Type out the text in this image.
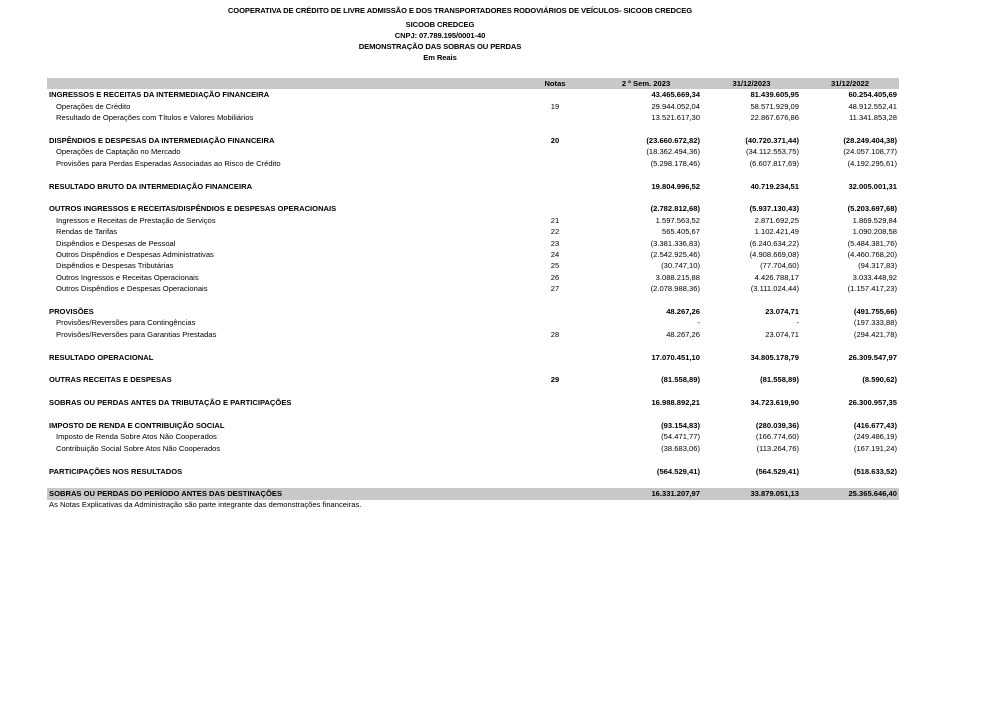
COOPERATIVA DE CRÉDITO DE LIVRE ADMISSÃO E DOS TRANSPORTADORES RODOVIÁRIOS DE VEÍCULOS- SICOOB CREDCEG
SICOOB CREDCEG
CNPJ: 07.789.195/0001-40
DEMONSTRAÇÃO DAS SOBRAS OU PERDAS
Em Reais
	Notas	2 º Sem. 2023	31/12/2023	31/12/2022
INGRESSOS E RECEITAS DA INTERMEDIAÇÃO FINANCEIRA		43.465.669,34	81.439.605,95	60.254.405,69
Operações de Crédito	19	29.944.052,04	58.571.929,09	48.912.552,41
Resultado de Operações com Títulos e Valores Mobiliários		13.521.617,30	22.867.676,86	11.341.853,28

DISPÊNDIOS E DESPESAS DA INTERMEDIAÇÃO FINANCEIRA	20	(23.660.672,82)	(40.720.371,44)	(28.249.404,38)
Operações de Captação no Mercado		(18.362.494,36)	(34.112.553,75)	(24.057.108,77)
Provisões para Perdas Esperadas Associadas ao Risco de Crédito		(5.298.178,46)	(6.607.817,69)	(4.192.295,61)

RESULTADO BRUTO DA INTERMEDIAÇÃO FINANCEIRA		19.804.996,52	40.719.234,51	32.005.001,31

OUTROS INGRESSOS E RECEITAS/DISPÊNDIOS E DESPESAS OPERACIONAIS		(2.782.812,68)	(5.937.130,43)	(5.203.697,68)
Ingressos e Receitas de Prestação de Serviços	21	1.597.563,52	2.871.692,25	1.869.529,84
Rendas de Tarifas	22	565.405,67	1.102.421,49	1.090.208,58
Dispêndios e Despesas de Pessoal	23	(3.381.336,83)	(6.240.634,22)	(5.484.381,76)
Outros Dispêndios e Despesas Administrativas	24	(2.542.925,46)	(4.908.669,08)	(4.460.768,20)
Dispêndios e Despesas Tributárias	25	(30.747,10)	(77.704,60)	(94.317,83)
Outros Ingressos e Receitas Operacionais	26	3.088.215,88	4.426.788,17	3.033.448,92
Outros Dispêndios e Despesas Operacionais	27	(2.078.988,36)	(3.111.024,44)	(1.157.417,23)

PROVISÕES		48.267,26	23.074,71	(491.755,66)
Provisões/Reversões para Contingências		-	-	(197.333,88)
Provisões/Reversões para Garantias Prestadas	28	48.267,26	23.074,71	(294.421,78)

RESULTADO OPERACIONAL		17.070.451,10	34.805.178,79	26.309.547,97

OUTRAS RECEITAS E DESPESAS	29	(81.558,89)	(81.558,89)	(8.590,62)

SOBRAS OU PERDAS ANTES DA TRIBUTAÇÃO E PARTICIPAÇÕES		16.988.892,21	34.723.619,90	26.300.957,35

IMPOSTO DE RENDA E CONTRIBUIÇÃO SOCIAL		(93.154,83)	(280.039,36)	(416.677,43)
Imposto de Renda Sobre Atos Não Cooperados		(54.471,77)	(166.774,60)	(249.486,19)
Contribuição Social Sobre Atos Não Cooperados		(38.683,06)	(113.264,76)	(167.191,24)

PARTICIPAÇÕES NOS RESULTADOS		(564.529,41)	(564.529,41)	(518.633,52)

SOBRAS OU PERDAS DO PERÍODO ANTES DAS DESTINAÇÕES		16.331.207,97	33.879.051,13	25.365.646,40
As Notas Explicativas da Administração são parte integrante das demonstrações financeiras.
